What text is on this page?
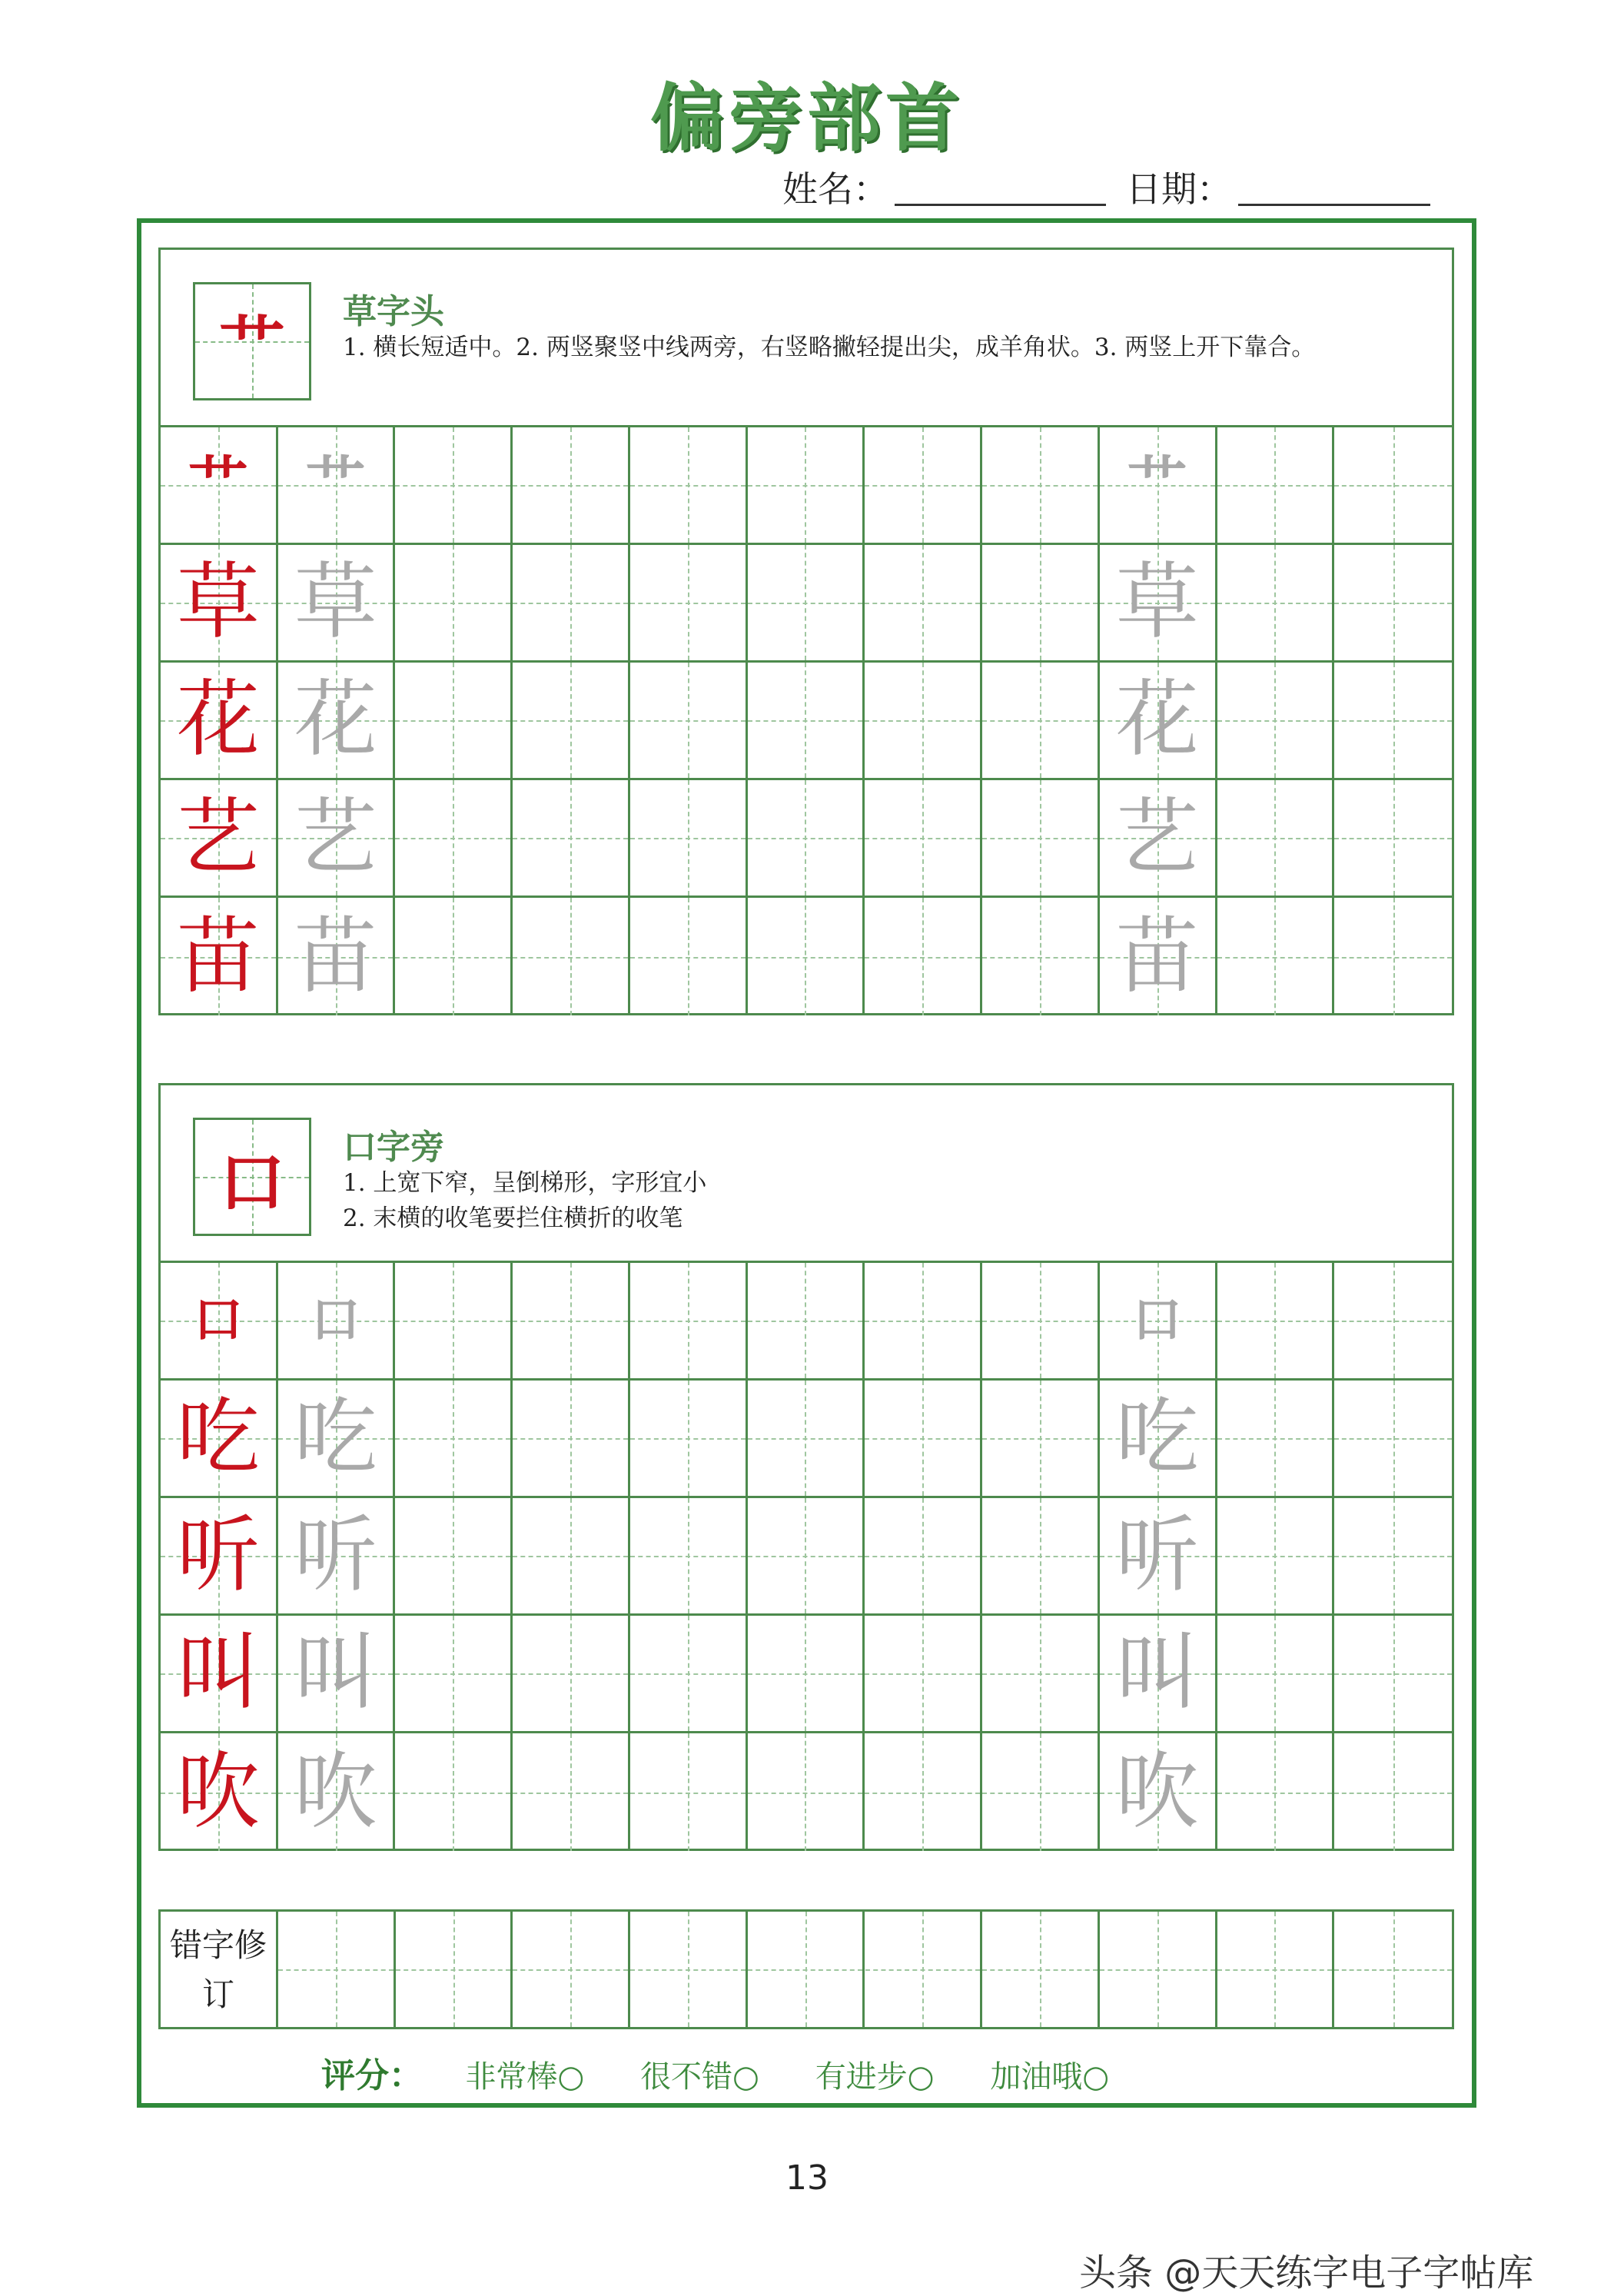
偏旁部首
姓名：	日期：
艹	草字头
1. 横长短适中。2. 两竖聚竖中线两旁，右竖略撇轻提出尖，成羊角状。3. 两竖上开下靠合。
艹 艹	艹
草 草	草
花 花	花
艺 艺	艺
苗 苗	苗
口	口字旁
1. 上宽下窄，呈倒梯形，字形宜小
2. 末横的收笔要拦住横折的收笔
口	口	口
吃 吃	吃
听 听	听
叫 叫	叫
吹 吹	吹
错字修订
评分： 非常棒○ 很不错○ 有进步○ 加油哦○
13
头条 @天天练字电子字帖库
